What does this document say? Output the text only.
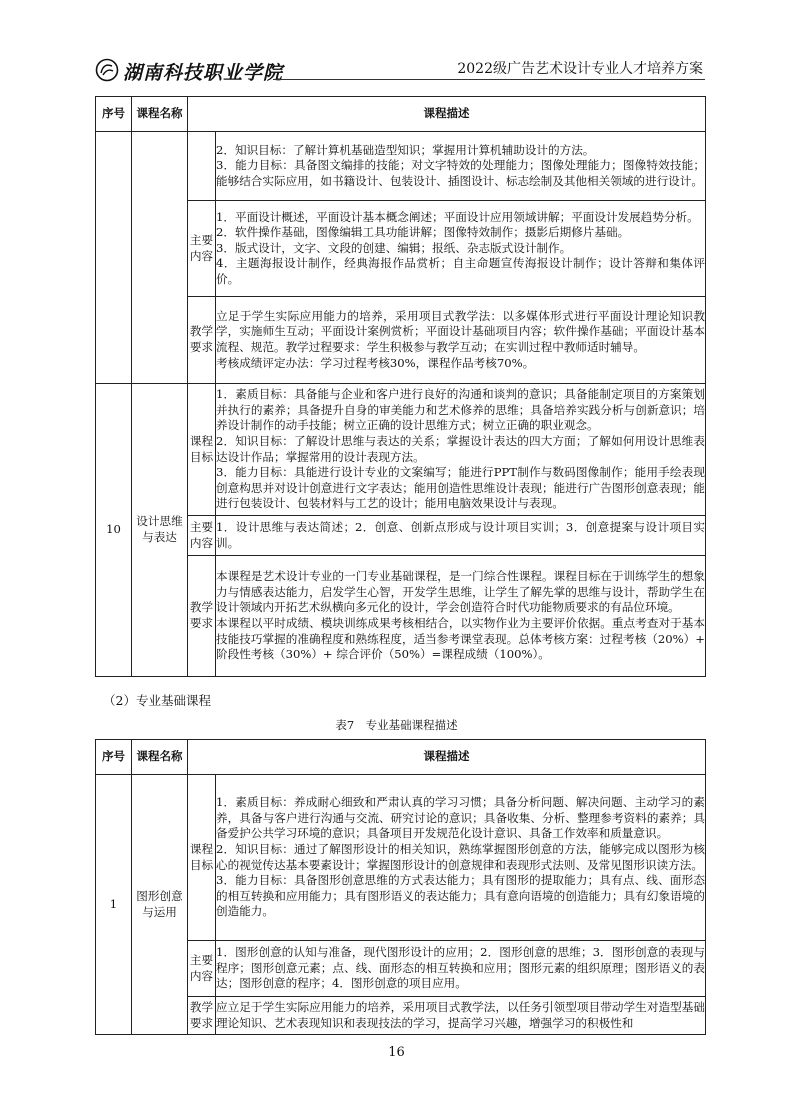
湖南科技职业学院	2022级广告艺术设计专业人才培养方案
序号	课程名称	课程描述	

			2．知识目标：了解计算机基础造型知识；掌握用计算机辅助设计的方法。

3．能力目标：具备图文编排的技能；对文字特效的处理能力；图像处理能力；图像特效技能；能够结合实际应用，如书籍设计、包装设计、插图设计、标志绘制及其他相关领域的进行设计。

		主要内容	1．平面设计概述，平面设计基本概念阐述；平面设计应用领域讲解；平面设计发展趋势分析。

2．软件操作基础，图像编辑工具功能讲解；图像特效制作；摄影后期修片基础。

3．版式设计，文字、文段的创建、编辑；报纸、杂志版式设计制作。

4．主题海报设计制作，经典海报作品赏析；自主命题宣传海报设计制作；设计答辩和集体评价。

		教学要求	立足于学生实际应用能力的培养，采用项目式教学法：以多媒体形式进行平面设计理论知识教学，实施师生互动；平面设计案例赏析；平面设计基础项目内容；软件操作基础；平面设计基本流程、规范。教学过程要求：学生积极参与教学互动；在实训过程中教师适时辅导。

考核成绩评定办法：学习过程考核30%，课程作品考核70%。

10	设计思维与表达	课程目标	1．素质目标：具备能与企业和客户进行良好的沟通和谈判的意识；具备能制定项目的方案策划并执行的素养；具备提升自身的审美能力和艺术修养的思维；具备培养实践分析与创新意识；培养设计制作的动手技能；树立正确的设计思维方式；树立正确的职业观念。

2．知识目标：了解设计思维与表达的关系；掌握设计表达的四大方面；了解如何用设计思维表达设计作品；掌握常用的设计表现方法。

3．能力目标：具能进行设计专业的文案编写；能进行PPT制作与数码图像制作；能用手绘表现创意构思并对设计创意进行文字表达；能用创造性思维设计表现；能进行广告图形创意表现；能进行包装设计、包装材料与工艺的设计；能用电脑效果设计与表现。

		主要内容	1．设计思维与表达简述；2．创意、创新点形成与设计项目实训；3．创意提案与设计项目实训。

		教学要求	本课程是艺术设计专业的一门专业基础课程，是一门综合性课程。课程目标在于训练学生的想象力与情感表达能力，启发学生心智，开发学生思维，让学生了解先掌的思维与设计，帮助学生在设计领域内开拓艺术纵横向多元化的设计，学会创造符合时代功能物质要求的有品位环境。

本课程以平时成绩、模块训练成果考核相结合，以实物作业为主要评价依据。重点考查对于基本技能技巧掌握的准确程度和熟练程度，适当参考课堂表现。总体考核方案：过程考核（20%）+ 阶段性考核（30%）+ 综合评价（50%）=课程成绩（100%）。

（2）专业基础课程
表7　专业基础课程描述
序号	课程名称	课程描述	
1	图形创意与运用	课程目标	1．素质目标：养成耐心细致和严肃认真的学习习惯；具备分析问题、解决问题、主动学习的素养，具备与客户进行沟通与交流、研究讨论的意识；具备收集、分析、整理参考资料的素养；具备爱护公共学习环境的意识；具备项目开发规范化设计意识、具备工作效率和质量意识。

2．知识目标：通过了解图形设计的相关知识，熟练掌握图形创意的方法，能够完成以图形为核心的视觉传达基本要素设计；掌握图形设计的创意规律和表现形式法则、及常见图形识读方法。

3．能力目标：具备图形创意思维的方式表达能力；具有图形的提取能力；具有点、线、面形态的相互转换和应用能力；具有图形语义的表达能力；具有意向语境的创造能力；具有幻象语境的创造能力。

		主要内容	1．图形创意的认知与准备，现代图形设计的应用；2．图形创意的思维；3．图形创意的表现与程序；图形创意元素；点、线、面形态的相互转换和应用；图形元素的组织原理；图形语义的表达；图形创意的程序；4．图形创意的项目应用。

		教学要求	应立足于学生实际应用能力的培养，采用项目式教学法，以任务引领型项目带动学生对造型基础理论知识、艺术表现知识和表现技法的学习，提高学习兴趣，增强学习的积极性和

16
